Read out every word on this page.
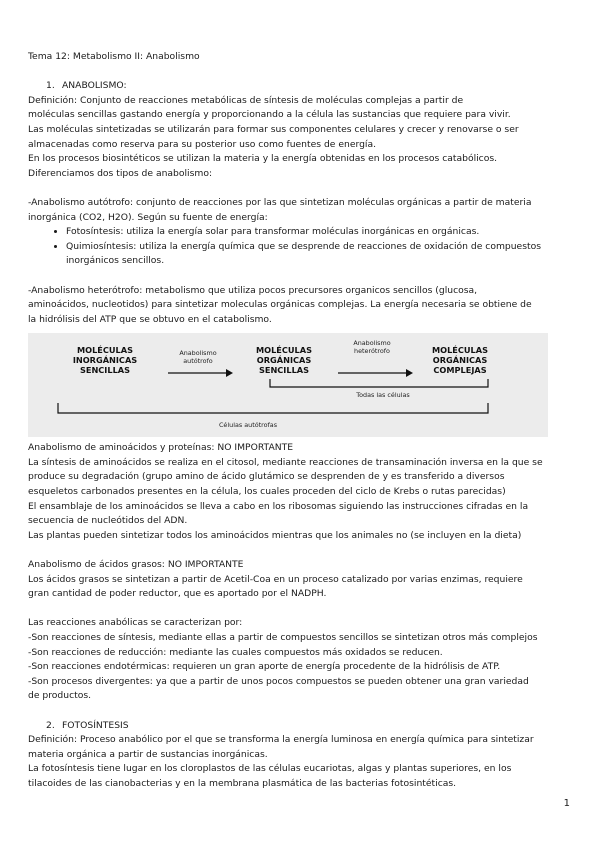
Tema 12: Metabolismo II: Anabolismo

1. ANABOLISMO:

Definición: Conjunto de reacciones metabólicas de síntesis de moléculas complejas a partir de

moléculas sencillas gastando energía y proporcionando a la célula las sustancias que requiere para vivir.

Las moléculas sintetizadas se utilizarán para formar sus componentes celulares y crecer y renovarse o ser

almacenadas como reserva para su posterior uso como fuentes de energía.

En los procesos biosintéticos se utilizan la materia y la energía obtenidas en los procesos catabólicos.

Diferenciamos dos tipos de anabolismo:

-Anabolismo autótrofo: conjunto de reacciones por las que sintetizan moléculas orgánicas a partir de materia

inorgánica (CO2, H2O). Según su fuente de energía:

• Fotosíntesis: utiliza la energía solar para transformar moléculas inorgánicas en orgánicas.
• Quimiosíntesis: utiliza la energía química que se desprende de reacciones de oxidación de compuestos inorgánicos sencillos.

-Anabolismo heterótrofo: metabolismo que utiliza pocos precursores organicos sencillos (glucosa,

aminoácidos, nucleotidos) para sintetizar moleculas orgánicas complejas. La energía necesaria se obtiene de

la hidrólisis del ATP que se obtuvo en el catabolismo.

MOLÉCULAS
INORGÁNICAS
SENCILLAS
Anabolismo
autótrofo
MOLÉCULAS
ORGÁNICAS
SENCILLAS
Anabolismo
heterótrofo	MOLÉCULAS
ORGÁNICAS
COMPLEJAS
Todas las células
Células autótrofas

Anabolismo de aminoácidos y proteínas: NO IMPORTANTE

La síntesis de aminoácidos se realiza en el citosol, mediante reacciones de transaminación inversa en la que se

produce su degradación (grupo amino de ácido glutámico se desprenden de y es transferido a diversos

esqueletos carbonados presentes en la célula, los cuales proceden del ciclo de Krebs o rutas parecidas)

El ensamblaje de los aminoácidos se lleva a cabo en los ribosomas siguiendo las instrucciones cifradas en la

secuencia de nucleótidos del ADN.

Las plantas pueden sintetizar todos los aminoácidos mientras que los animales no (se incluyen en la dieta)

Anabolismo de ácidos grasos: NO IMPORTANTE

Los ácidos grasos se sintetizan a partir de Acetil-Coa en un proceso catalizado por varias enzimas, requiere

gran cantidad de poder reductor, que es aportado por el NADPH.

Las reacciones anabólicas se caracterizan por:

-Son reacciones de síntesis, mediante ellas a partir de compuestos sencillos se sintetizan otros más complejos

-Son reacciones de reducción: mediante las cuales compuestos más oxidados se reducen.

-Son reacciones endotérmicas: requieren un gran aporte de energía procedente de la hidrólisis de ATP.

-Son procesos divergentes: ya que a partir de unos pocos compuestos se pueden obtener una gran variedad

de productos.

2. FOTOSÍNTESIS

Definición: Proceso anabólico por el que se transforma la energía luminosa en energía química para sintetizar

materia orgánica a partir de sustancias inorgánicas.

La fotosíntesis tiene lugar en los cloroplastos de las células eucariotas, algas y plantas superiores, en los

tilacoides de las cianobacterias y en la membrana plasmática de las bacterias fotosintéticas.

1
